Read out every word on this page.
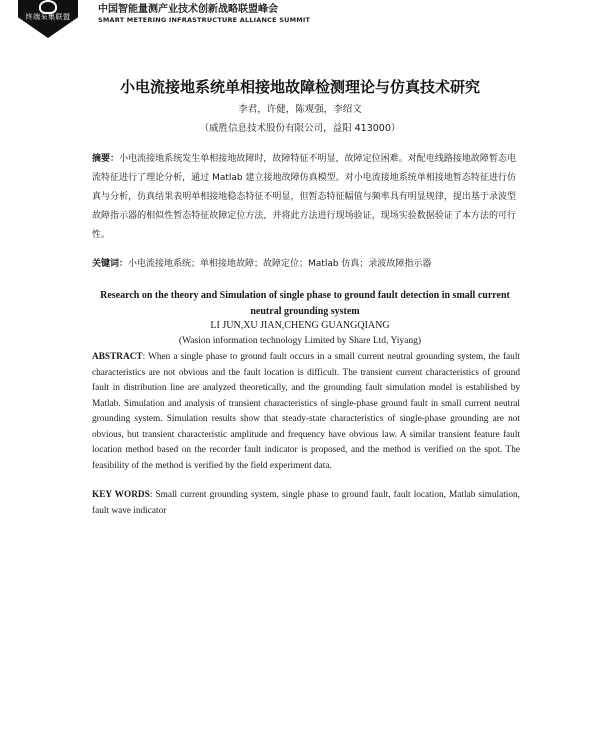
终端采集联盟
中国智能量测产业技术创新战略联盟峰会
SMART METERING INFRASTRUCTURE ALLIANCE SUMMIT
小电流接地系统单相接地故障检测理论与仿真技术研究
李君，许健，陈观强，李绍文
（威胜信息技术股份有限公司，益阳 413000）
摘要：小电流接地系统发生单相接地故障时，故障特征不明显，故障定位困难。对配电线路接地故障暂态电流特征进行了理论分析，通过 Matlab 建立接地故障仿真模型。对小电流接地系统单相接地暂态特征进行仿真与分析，仿真结果表明单相接地稳态特征不明显，但暂态特征幅值与频率具有明显规律，提出基于录波型故障指示器的相似性暂态特征故障定位方法，并将此方法进行现场验证，现场实验数据验证了本方法的可行性。
关键词：小电流接地系统；单相接地故障；故障定位；Matlab 仿真；录波故障指示器
Research on the theory and Simulation of single phase to ground fault detection in small current neutral grounding system
LI JUN,XU JIAN,CHENG GUANGQIANG
(Wasion information technology Limited by Share Ltd, Yiyang)
ABSTRACT: When a single phase to ground fault occurs in a small current neutral grounding system, the fault characteristics are not obvious and the fault location is difficult. The transient current characteristics of ground fault in distribution line are analyzed theoretically, and the grounding fault simulation model is established by Matlab. Simulation and analysis of transient characteristics of single-phase ground fault in small current neutral grounding system. Simulation results show that steady-state characteristics of single-phase grounding are not obvious, but transient characteristic amplitude and frequency have obvious law. A similar transient feature fault location method based on the recorder fault indicator is proposed, and the method is verified on the spot. The feasibility of the method is verified by the field experiment data.
KEY WORDS: Small current grounding system, single phase to ground fault, fault location, Matlab simulation, fault wave indicator
